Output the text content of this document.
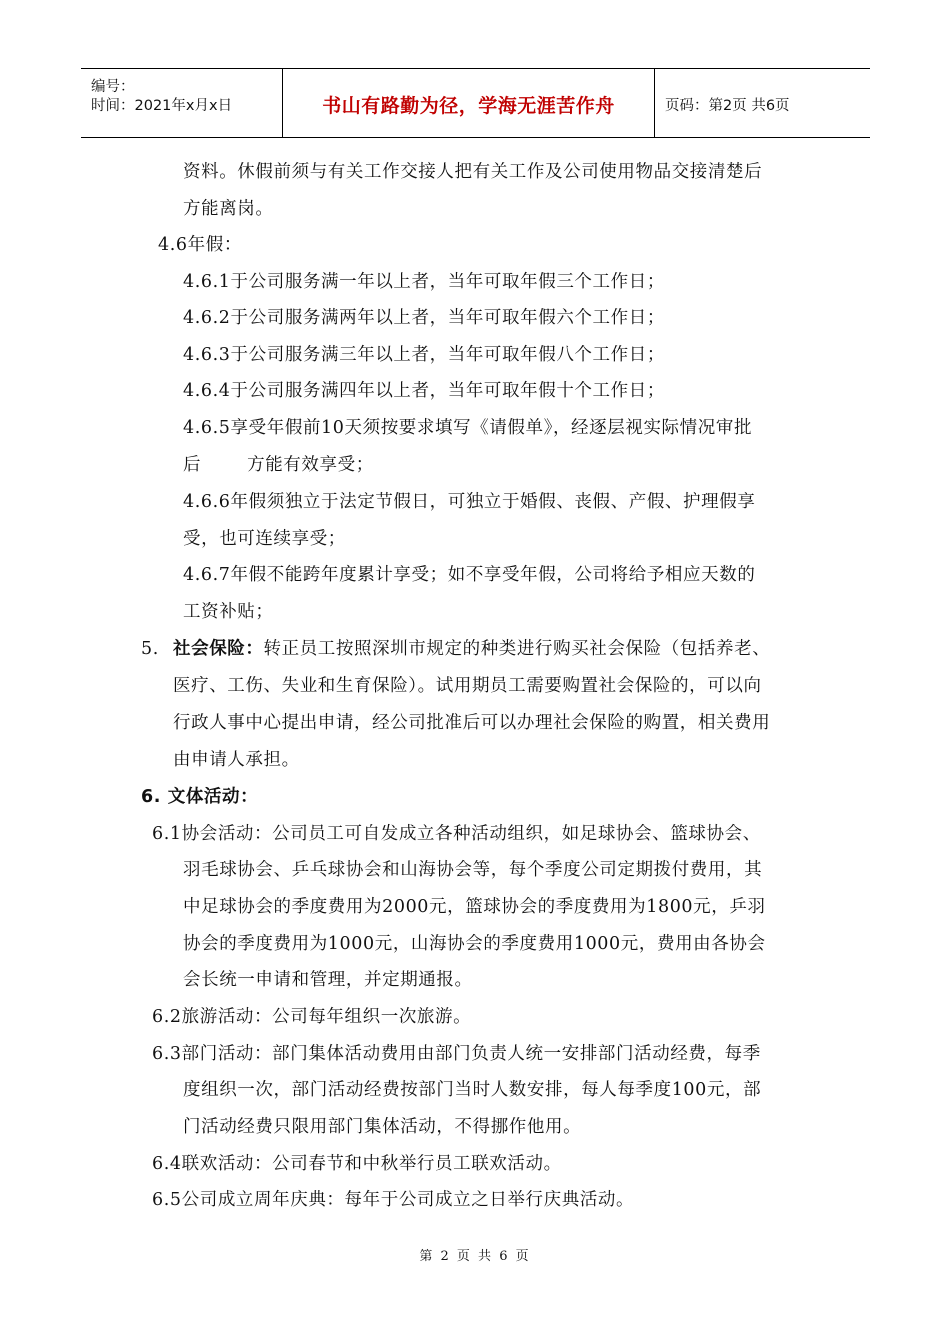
编号：
时间：2021年x月x日	书山有路勤为径，学海无涯苦作舟	页码：第2页 共6页
资料。休假前须与有关工作交接人把有关工作及公司使用物品交接清楚后
方能离岗。
4.6年假：
4.6.1于公司服务满一年以上者，当年可取年假三个工作日；
4.6.2于公司服务满两年以上者，当年可取年假六个工作日；
4.6.3于公司服务满三年以上者，当年可取年假八个工作日；
4.6.4于公司服务满四年以上者，当年可取年假十个工作日；
4.6.5享受年假前10天须按要求填写《请假单》，经逐层视实际情况审批
后	方能有效享受；
4.6.6年假须独立于法定节假日，可独立于婚假、丧假、产假、护理假享
受，也可连续享受；
4.6.7年假不能跨年度累计享受；如不享受年假，公司将给予相应天数的
工资补贴；
5. 社会保险：转正员工按照深圳市规定的种类进行购买社会保险（包括养老、
医疗、工伤、失业和生育保险）。试用期员工需要购置社会保险的，可以向
行政人事中心提出申请，经公司批准后可以办理社会保险的购置，相关费用
由申请人承担。
6. 文体活动：
6.1协会活动：公司员工可自发成立各种活动组织，如足球协会、篮球协会、
羽毛球协会、乒乓球协会和山海协会等，每个季度公司定期拨付费用，其
中足球协会的季度费用为2000元，篮球协会的季度费用为1800元，乒羽
协会的季度费用为1000元，山海协会的季度费用1000元，费用由各协会
会长统一申请和管理，并定期通报。
6.2旅游活动：公司每年组织一次旅游。
6.3部门活动：部门集体活动费用由部门负责人统一安排部门活动经费，每季
度组织一次，部门活动经费按部门当时人数安排，每人每季度100元，部
门活动经费只限用部门集体活动，不得挪作他用。
6.4联欢活动：公司春节和中秋举行员工联欢活动。
6.5公司成立周年庆典：每年于公司成立之日举行庆典活动。
第 2 页 共 6 页
